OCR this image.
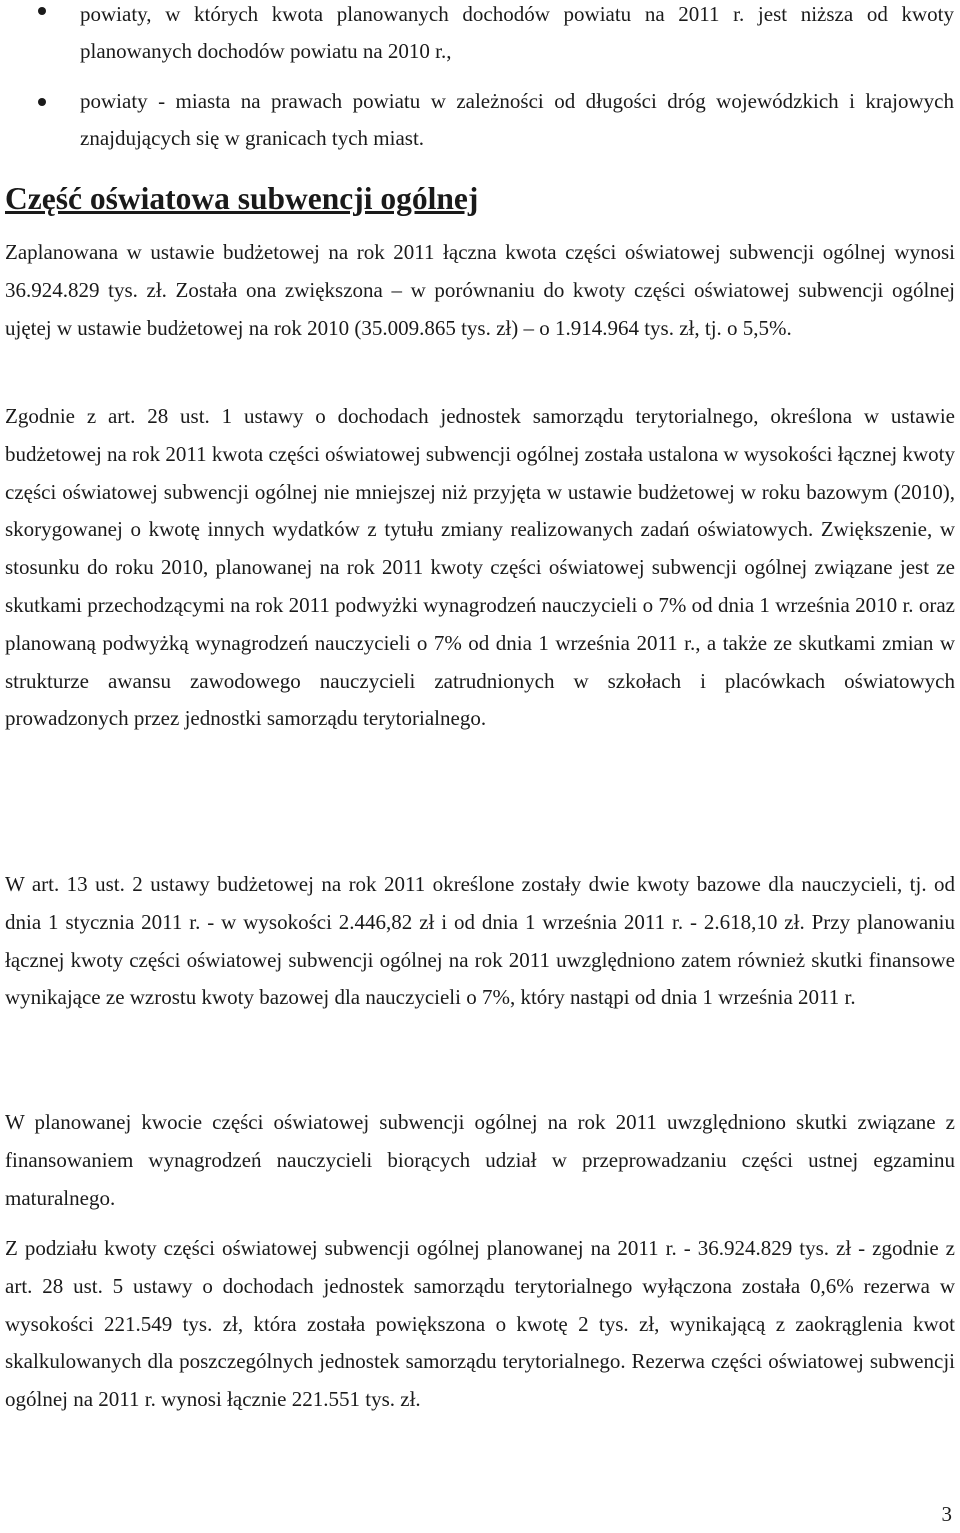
powiaty, w których kwota planowanych dochodów powiatu na 2011 r. jest niższa od kwoty planowanych dochodów powiatu na 2010 r.,

powiaty - miasta na prawach powiatu w zależności od długości dróg wojewódzkich i krajowych znajdujących się w granicach tych miast.

Część oświatowa subwencji ogólnej

Zaplanowana w ustawie budżetowej na rok 2011 łączna kwota części oświatowej subwencji ogólnej wynosi 36.924.829 tys. zł. Została ona zwiększona – w porównaniu do kwoty części oświatowej subwencji ogólnej ujętej w ustawie budżetowej na rok 2010 (35.009.865 tys. zł) – o 1.914.964 tys. zł, tj. o 5,5%.

Zgodnie z art. 28 ust. 1 ustawy o dochodach jednostek samorządu terytorialnego, określona w ustawie budżetowej na rok 2011 kwota części oświatowej subwencji ogólnej została ustalona w wysokości łącznej kwoty części oświatowej subwencji ogólnej nie mniejszej niż przyjęta w ustawie budżetowej w roku bazowym (2010), skorygowanej o kwotę innych wydatków z tytułu zmiany realizowanych zadań oświatowych. Zwiększenie, w stosunku do roku 2010, planowanej na rok 2011 kwoty części oświatowej subwencji ogólnej związane jest ze skutkami przechodzącymi na rok 2011 podwyżki wynagrodzeń nauczycieli o 7% od dnia 1 września 2010 r. oraz planowaną podwyżką wynagrodzeń nauczycieli o 7% od dnia 1 września 2011 r., a także ze skutkami zmian w strukturze awansu zawodowego nauczycieli zatrudnionych w szkołach i placówkach oświatowych prowadzonych przez jednostki samorządu terytorialnego.

W art. 13 ust. 2 ustawy budżetowej na rok 2011 określone zostały dwie kwoty bazowe dla nauczycieli, tj. od dnia 1 stycznia 2011 r. - w wysokości 2.446,82 zł i od dnia 1 września 2011 r. - 2.618,10 zł. Przy planowaniu łącznej kwoty części oświatowej subwencji ogólnej na rok 2011 uwzględniono zatem również skutki finansowe wynikające ze wzrostu kwoty bazowej dla nauczycieli o 7%, który nastąpi od dnia 1 września 2011 r.

W planowanej kwocie części oświatowej subwencji ogólnej na rok 2011 uwzględniono skutki związane z finansowaniem wynagrodzeń nauczycieli biorących udział w przeprowadzaniu części ustnej egzaminu maturalnego.

Z podziału kwoty części oświatowej subwencji ogólnej planowanej na 2011 r. - 36.924.829 tys. zł - zgodnie z art. 28 ust. 5 ustawy o dochodach jednostek samorządu terytorialnego wyłączona została 0,6% rezerwa w wysokości 221.549 tys. zł, która została powiększona o kwotę 2 tys. zł, wynikającą z zaokrąglenia kwot skalkulowanych dla poszczególnych jednostek samorządu terytorialnego. Rezerwa części oświatowej subwencji ogólnej na 2011 r. wynosi łącznie 221.551 tys. zł.

3
